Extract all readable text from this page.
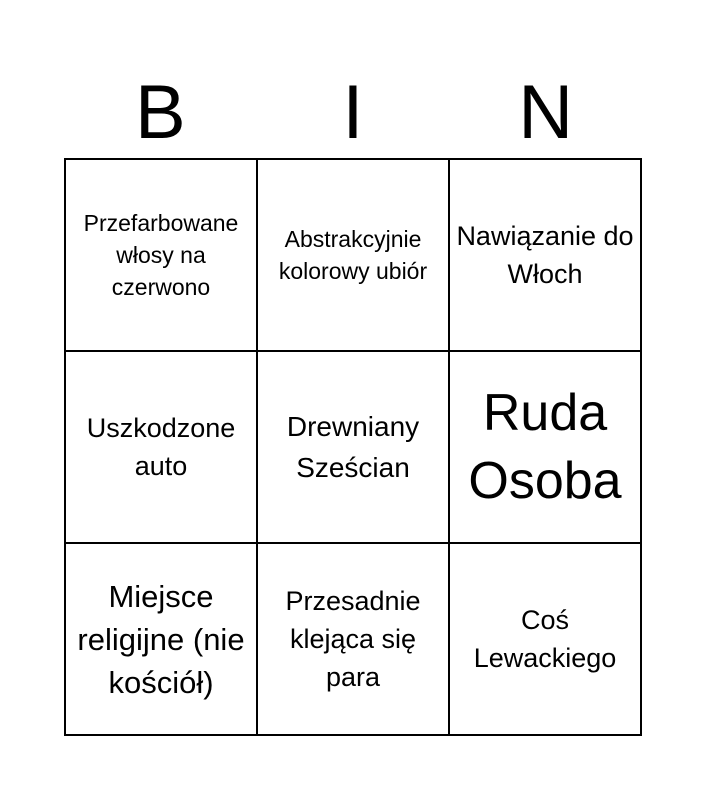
B	I	N
Przefarbowane włosy na czerwono
Abstrakcyjnie kolorowy ubiór
Nawiązanie do Włoch
Uszkodzone auto
Drewniany Sześcian
Ruda Osoba
Miejsce religijne (nie kościół)
Przesadnie klejąca się para
Coś Lewackiego
